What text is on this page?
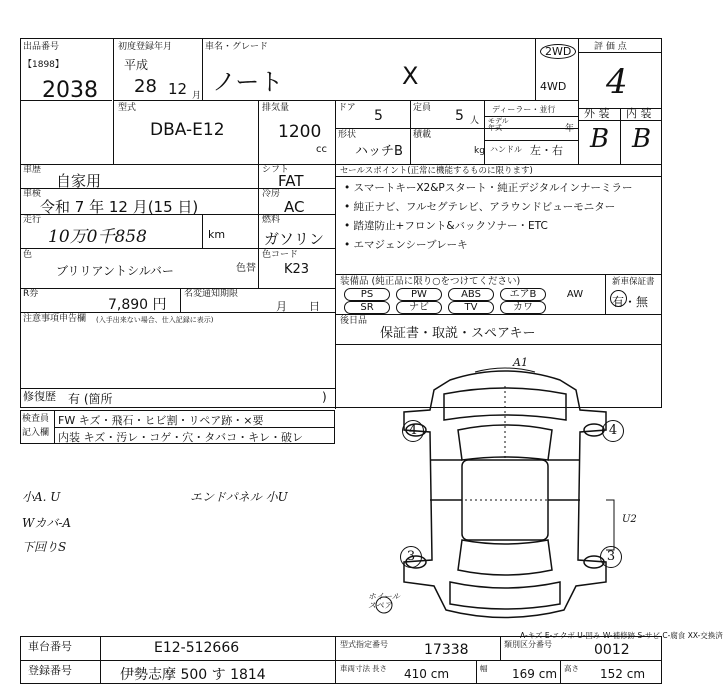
出品番号
【1898】
2038
初度登録年月
平成
28 12 月
車名・グレード
ノート	X
2WD
4WD
評 価 点
4
外 装 内 装
B B
型式
DBA-E12
排気量
1200
cc
ドア 5	定員 5 人
ディーラー・並行
モデル
年式	年
形状
ハッチB
積載
kg ハンドル 左・右
車歴
自家用
車検
令和 7 年 12 月(15 日)
走行
10万0千858	km
シフト
FAT
冷房
AC
燃料
ガソリン
色
ブリリアントシルバー	色替
色コード
K23
R券
7,890 円
名変通知期限
月　　日
注意事項申告欄 (入手出来ない場合、仕入記録に表示)
修復歴 有 (箇所	)
セールスポイント(正常に機能するものに限ります)
• スマートキーX2&Pスタート・純正デジタルインナーミラー
• 純正ナビ、フルセグテレビ、アラウンドビューモニター
• 踏違防止+フロント&バックソナー・ETC
• エマジェンシーブレーキ
装備品 (純正品に限り○をつけてください)	新車保証書
有・無
PS	PW	ABS	エアB	AW
SR	ナビ	TV	カワ
後日品
保証書・取説・スペアキー
検査員
記入欄
FW キズ・飛石・ヒビ割・リペア跡・×要
内装 キズ・汚レ・コゲ・穴・タバコ・キレ・破レ
小A. U
Wカバ-A
下回りS
エンドパネル 小U
A1
U2
ホイール
スペア
4	4
3	3
A-キズ E-エクボ U-凹み W-補修跡 S-サビ C-腐食 XX-交換済
車台番号	E12-512666
登録番号	伊勢志摩 500 す 1814
型式指定番号	17338	類別区分番号	0012
車両寸法 長さ 410 cm	幅 169 cm 高さ 152 cm
